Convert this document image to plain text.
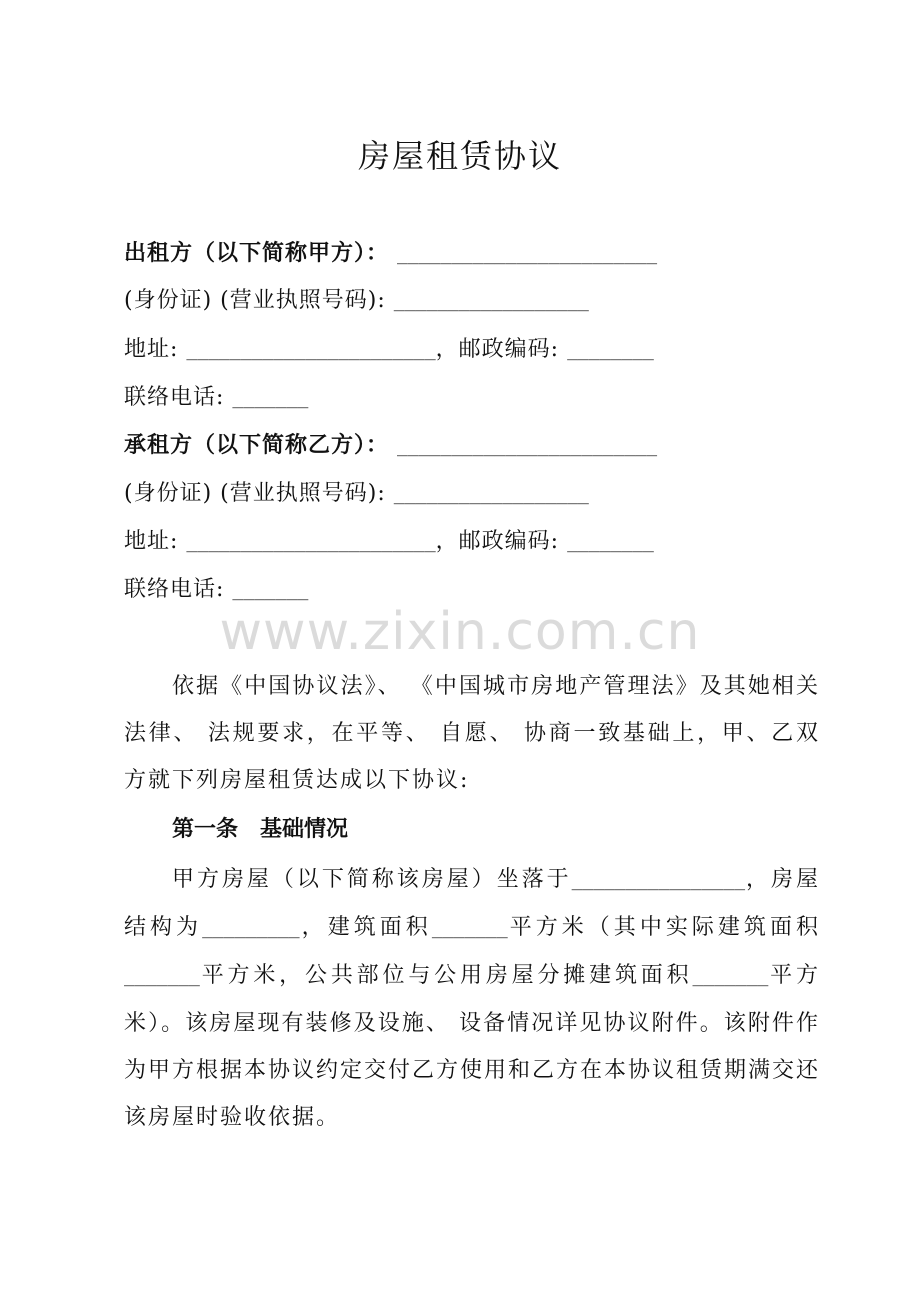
房屋租赁协议
出租方（以下简称甲方）： ________________________
(身份证) (营业执照号码): __________________
地址: _______________________，邮政编码: ________
联络电话: _______
承租方（以下简称乙方）： ________________________
(身份证) (营业执照号码): __________________
地址: _______________________，邮政编码: ________
联络电话: _______
www.zixin.com.cn
依据《中国协议法》、 《中国城市房地产管理法》及其她相关法律、 法规要求，在平等、 自愿、 协商一致基础上，甲、乙双方就下列房屋租赁达成以下协议:
第一条　基础情况
甲方房屋（以下简称该房屋）坐落于________________，房屋结构为_________，建筑面积_______平方米（其中实际建筑面积_______平方米，公共部位与公用房屋分摊建筑面积_______平方米）。该房屋现有装修及设施、 设备情况详见协议附件。该附件作为甲方根据本协议约定交付乙方使用和乙方在本协议租赁期满交还该房屋时验收依据。
